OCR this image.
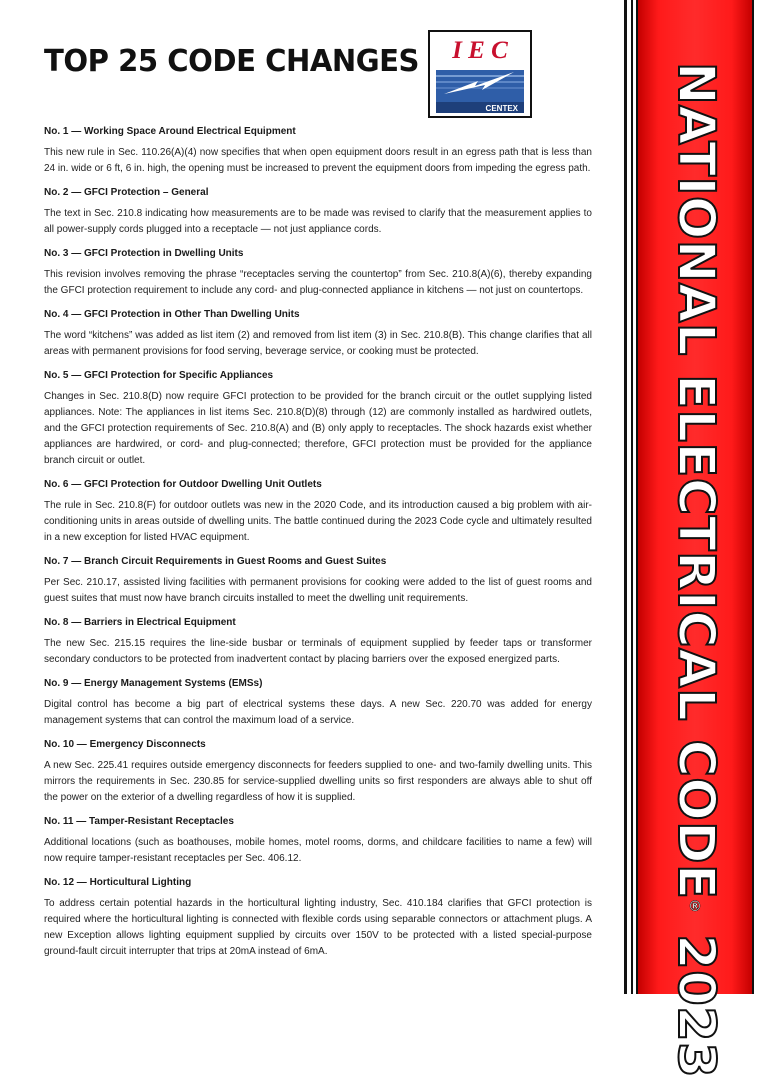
TOP 25 CODE CHANGES I E C
CENTEX

No. 1 — Working Space Around Electrical Equipment

This new rule in Sec. 110.26(A)(4) now specifies that when open equipment doors result in an egress path that is less than 24 in. wide or 6 ft, 6 in. high, the opening must be increased to prevent the equipment doors from impeding the egress path.

No. 2 — GFCI Protection – General

The text in Sec. 210.8 indicating how measurements are to be made was revised to clarify that the measurement applies to all power-supply cords plugged into a receptacle — not just appliance cords.

No. 3 — GFCI Protection in Dwelling Units

This revision involves removing the phrase “receptacles serving the countertop” from Sec. 210.8(A)(6), thereby expanding the GFCI protection requirement to include any cord- and plug-connected appliance in kitchens — not just on countertops.

No. 4 — GFCI Protection in Other Than Dwelling Units

The word “kitchens” was added as list item (2) and removed from list item (3) in Sec. 210.8(B). This change clarifies that all areas with permanent provisions for food serving, beverage service, or cooking must be protected.

No. 5 — GFCI Protection for Specific Appliances

Changes in Sec. 210.8(D) now require GFCI protection to be provided for the branch circuit or the outlet supplying listed appliances. Note: The appliances in list items Sec. 210.8(D)(8) through (12) are commonly installed as hardwired outlets, and the GFCI protection requirements of Sec. 210.8(A) and (B) only apply to receptacles. The shock hazards exist whether appliances are hardwired, or cord- and plug-connected; therefore, GFCI protection must be provided for the appliance branch circuit or outlet.

No. 6 — GFCI Protection for Outdoor Dwelling Unit Outlets

The rule in Sec. 210.8(F) for outdoor outlets was new in the 2020 Code, and its introduction caused a big problem with air-conditioning units in areas outside of dwelling units. The battle continued during the 2023 Code cycle and ultimately resulted in a new exception for listed HVAC equipment.

No. 7 — Branch Circuit Requirements in Guest Rooms and Guest Suites

Per Sec. 210.17, assisted living facilities with permanent provisions for cooking were added to the list of guest rooms and guest suites that must now have branch circuits installed to meet the dwelling unit requirements.

No. 8 — Barriers in Electrical Equipment

The new Sec. 215.15 requires the line-side busbar or terminals of equipment supplied by feeder taps or transformer secondary conductors to be protected from inadvertent contact by placing barriers over the exposed energized parts.

No. 9 — Energy Management Systems (EMSs)

Digital control has become a big part of electrical systems these days. A new Sec. 220.70 was added for energy management systems that can control the maximum load of a service.

No. 10 — Emergency Disconnects

A new Sec. 225.41 requires outside emergency disconnects for feeders supplied to one- and two-family dwelling units. This mirrors the requirements in Sec. 230.85 for service-supplied dwelling units so first responders are always able to shut off the power on the exterior of a dwelling regardless of how it is supplied.

No. 11 — Tamper-Resistant Receptacles

Additional locations (such as boathouses, mobile homes, motel rooms, dorms, and childcare facilities to name a few) will now require tamper-resistant receptacles per Sec. 406.12.

No. 12 — Horticultural Lighting

To address certain potential hazards in the horticultural lighting industry, Sec. 410.184 clarifies that GFCI protection is required where the horticultural lighting is connected with flexible cords using separable connectors or attachment plugs. A new Exception allows lighting equipment supplied by circuits over 150V to be protected with a listed special-purpose ground-fault circuit interrupter that trips at 20mA instead of 6mA.

NATIONAL ELECTRICAL CODE® 2023
